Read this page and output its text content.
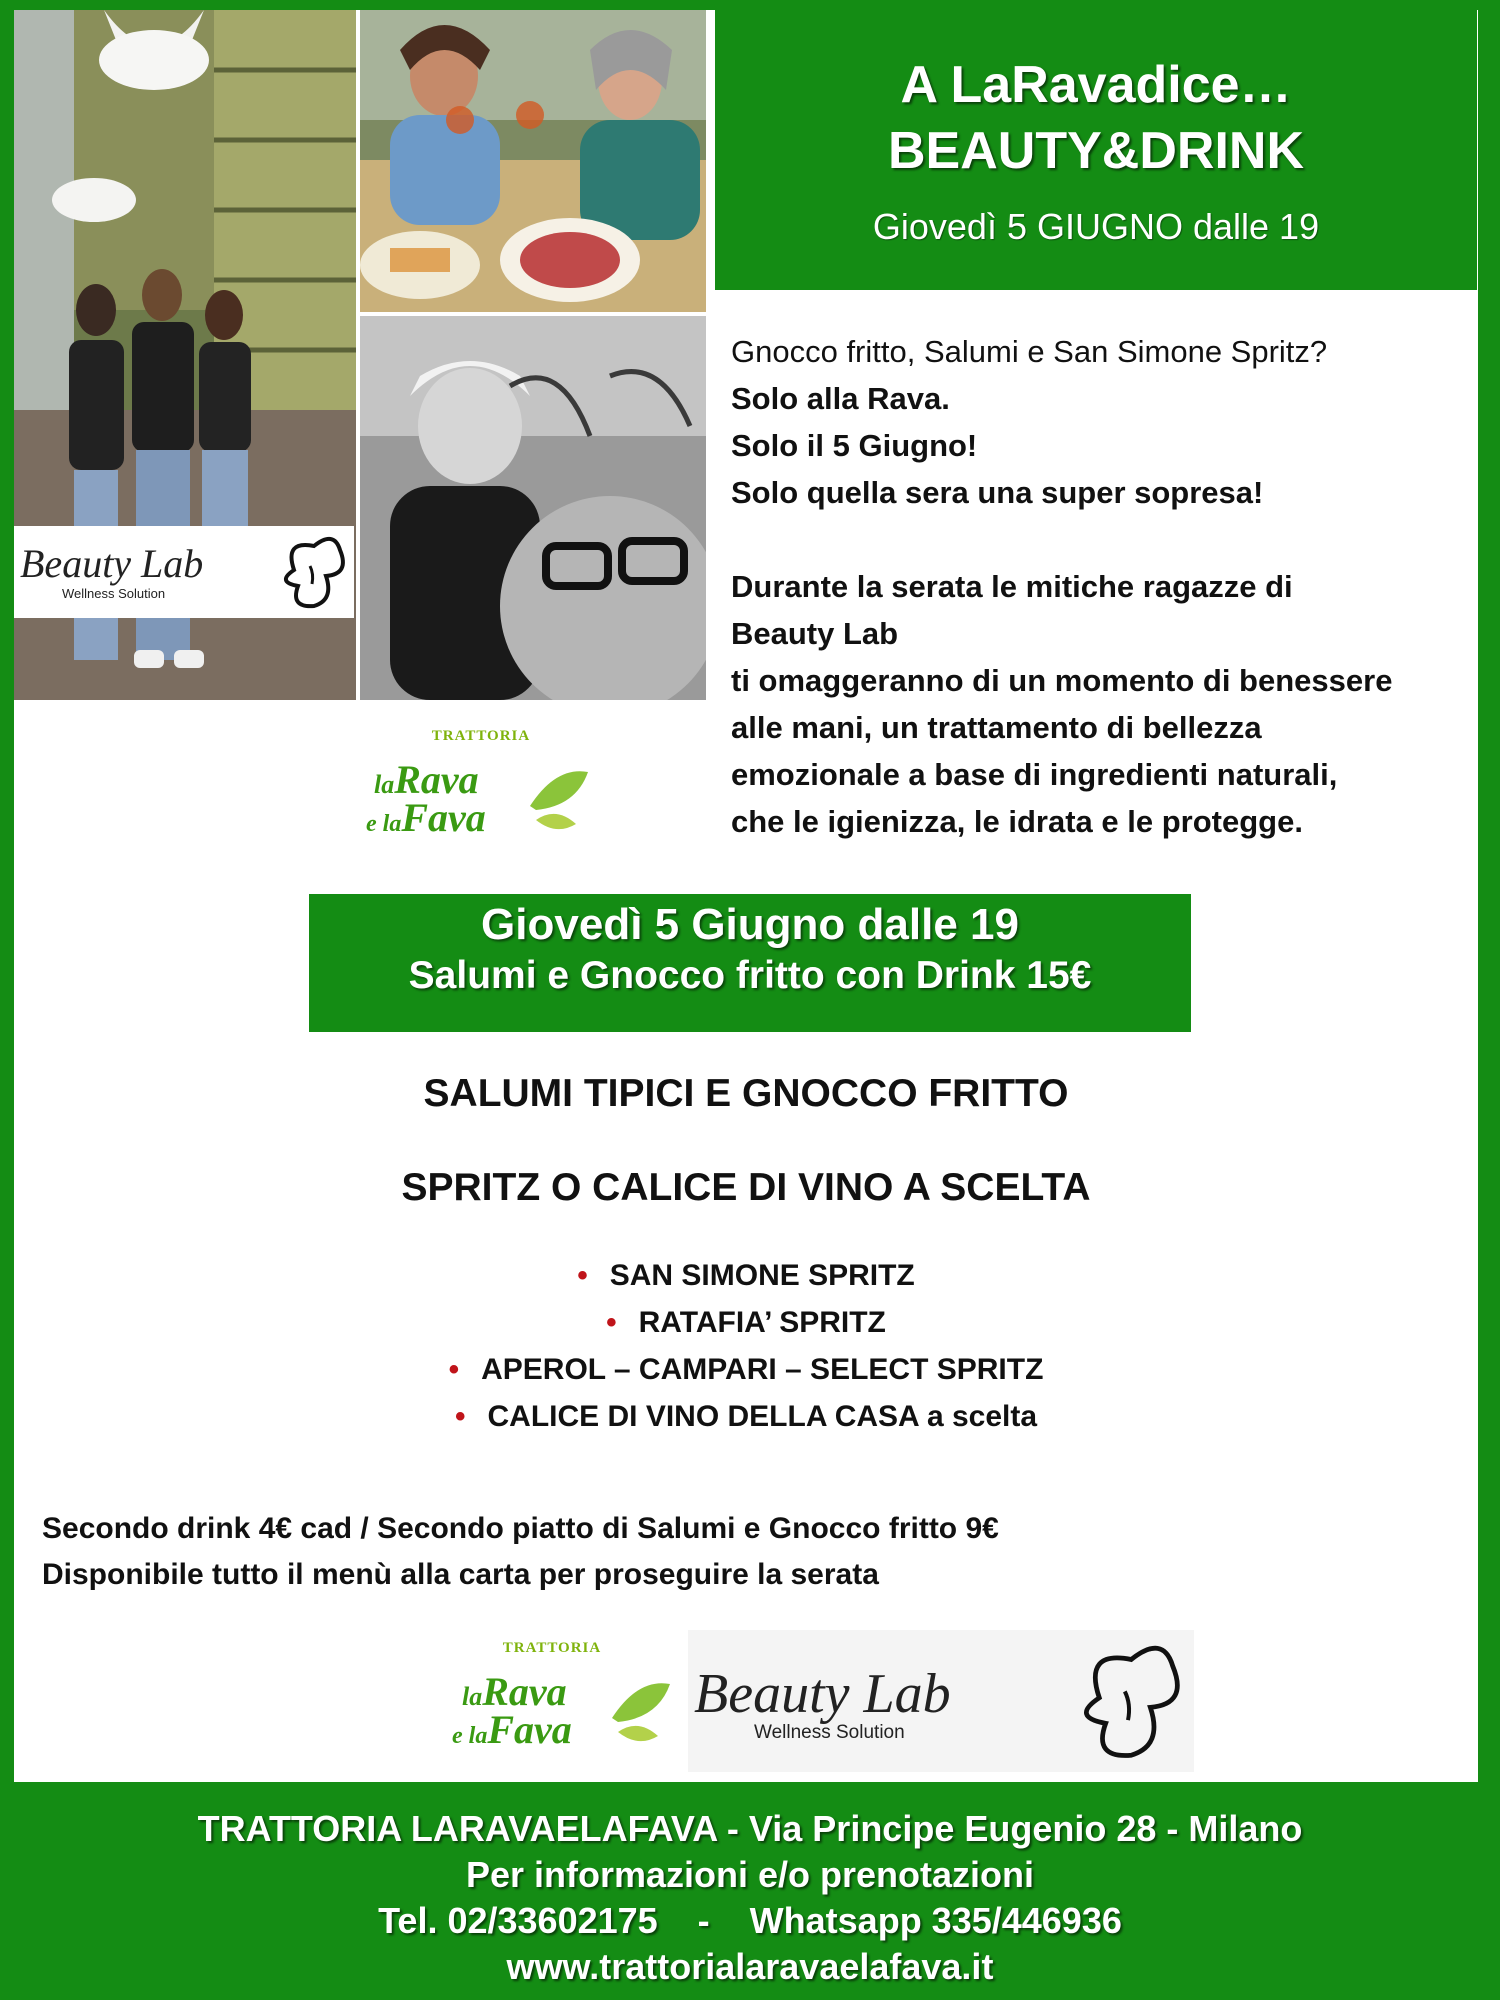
Beauty Lab
Wellness Solution
A LaRavadice…
BEAUTY&DRINK
Giovedì 5 GIUGNO dalle 19
Gnocco fritto, Salumi e San Simone Spritz?
Solo alla Rava.
Solo il 5 Giugno!
Solo quella sera una super sopresa!
Durante la serata le mitiche ragazze di
Beauty Lab
ti omaggeranno di un momento di benessere
alle mani, un trattamento di bellezza
emozionale a base di ingredienti naturali,
che le igienizza, le idrata e le protegge.
TRATTORIA
laRava
e laFava
Giovedì 5 Giugno dalle 19
Salumi e Gnocco fritto con Drink 15€
SALUMI TIPICI E GNOCCO FRITTO
SPRITZ O CALICE DI VINO A SCELTA
• SAN SIMONE SPRITZ
• RATAFIA’ SPRITZ
• APEROL – CAMPARI – SELECT SPRITZ
• CALICE DI VINO DELLA CASA a scelta
Secondo drink 4€ cad / Secondo piatto di Salumi e Gnocco fritto 9€
Disponibile tutto il menù alla carta per proseguire la serata
TRATTORIA
laRava
e laFava
Beauty Lab
Wellness Solution
TRATTORIA LARAVAELAFAVA - Via Principe Eugenio 28 - Milano
Per informazioni e/o prenotazioni
Tel. 02/33602175    -    Whatsapp 335/446936
www.trattorialaravaelafava.it
